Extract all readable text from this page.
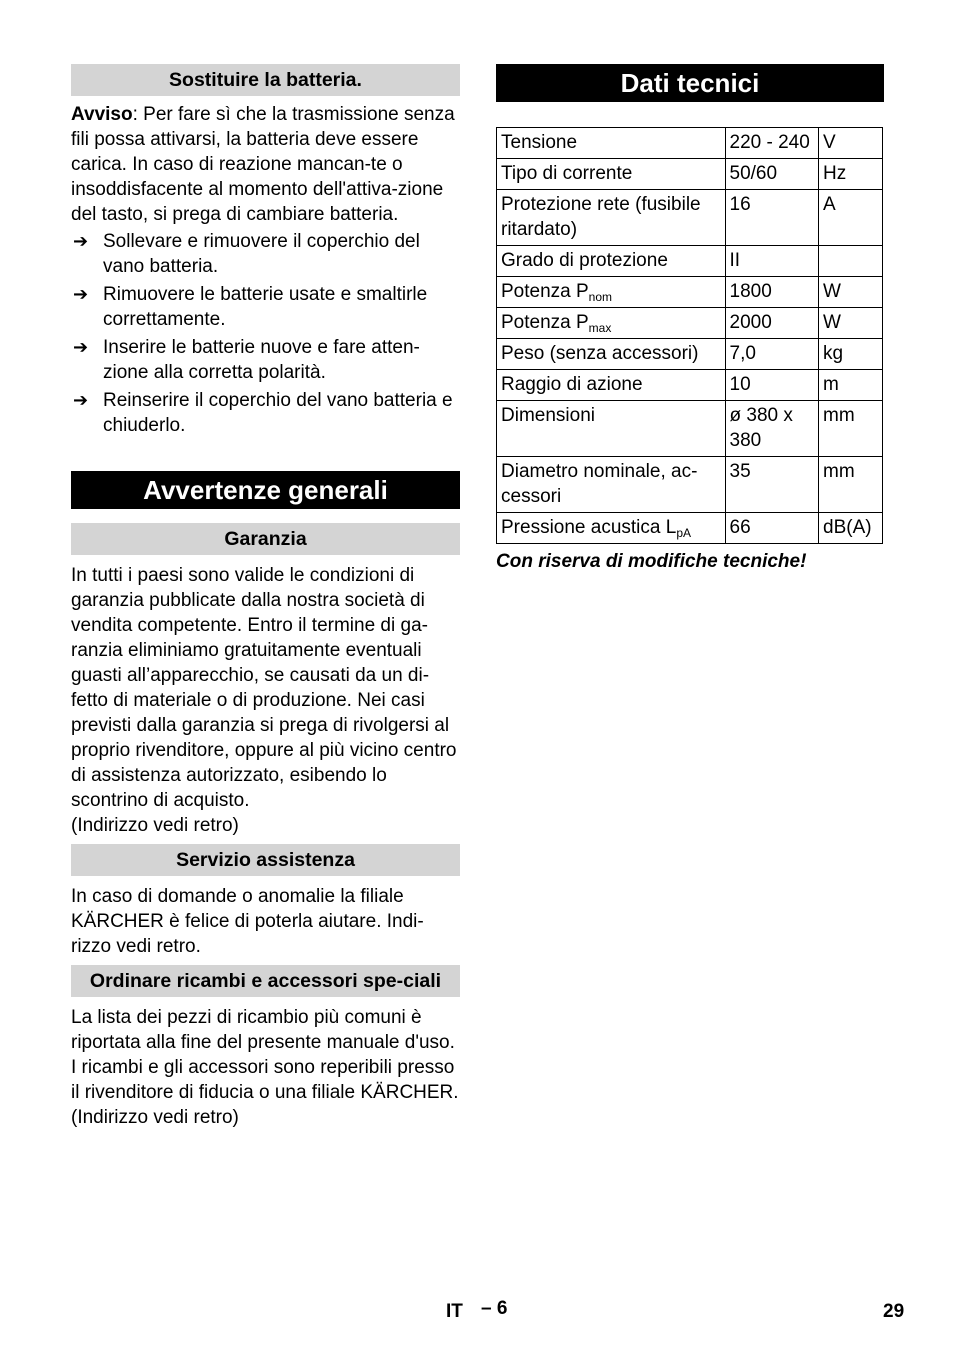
Sostituire la batteria.

Avviso: Per fare sì che la trasmissione senza fili possa attivarsi, la batteria deve essere carica. In caso di reazione mancan-te o insoddisfacente al momento dell'attiva-zione del tasto, si prega di cambiare batteria.

➔ Sollevare e rimuovere il coperchio del vano batteria.
➔ Rimuovere le batterie usate e smaltirle correttamente.
➔ Inserire le batterie nuove e fare atten-zione alla corretta polarità.
➔ Reinserire il coperchio del vano batteria e chiuderlo.
Avvertenze generali
Garanzia

In tutti i paesi sono valide le condizioni di garanzia pubblicate dalla nostra società di vendita competente. Entro il termine di ga-ranzia eliminiamo gratuitamente eventuali guasti all’apparecchio, se causati da un di-fetto di materiale o di produzione. Nei casi previsti dalla garanzia si prega di rivolgersi al proprio rivenditore, oppure al più vicino centro di assistenza autorizzato, esibendo lo scontrino di acquisto.

(Indirizzo vedi retro)

Servizio assistenza

In caso di domande o anomalie la filiale KÄRCHER è felice di poterla aiutare. Indi-rizzo vedi retro.

Ordinare ricambi e accessori spe-ciali

La lista dei pezzi di ricambio più comuni è riportata alla fine del presente manuale d'uso.

I ricambi e gli accessori sono reperibili presso il rivenditore di fiducia o una filiale KÄRCHER.

(Indirizzo vedi retro)

Dati tecnici
Tensione	220 - 240	V
Tipo di corrente	50/60	Hz
Protezione rete (fusibile ritardato)	16	A
Grado di protezione	II	
Potenza $P_{nom}$	1800	W
Potenza $P_{max}$	2000	W
Peso (senza accessori)	7,0	kg
Raggio di azione	10	m
Dimensioni	ø 380 x 380	mm
Diametro nominale, ac-cessori	35	mm
Pressione acustica $L_{pA}$	66	dB(A)

Con riserva di modifiche tecniche!

IT – 6	29
